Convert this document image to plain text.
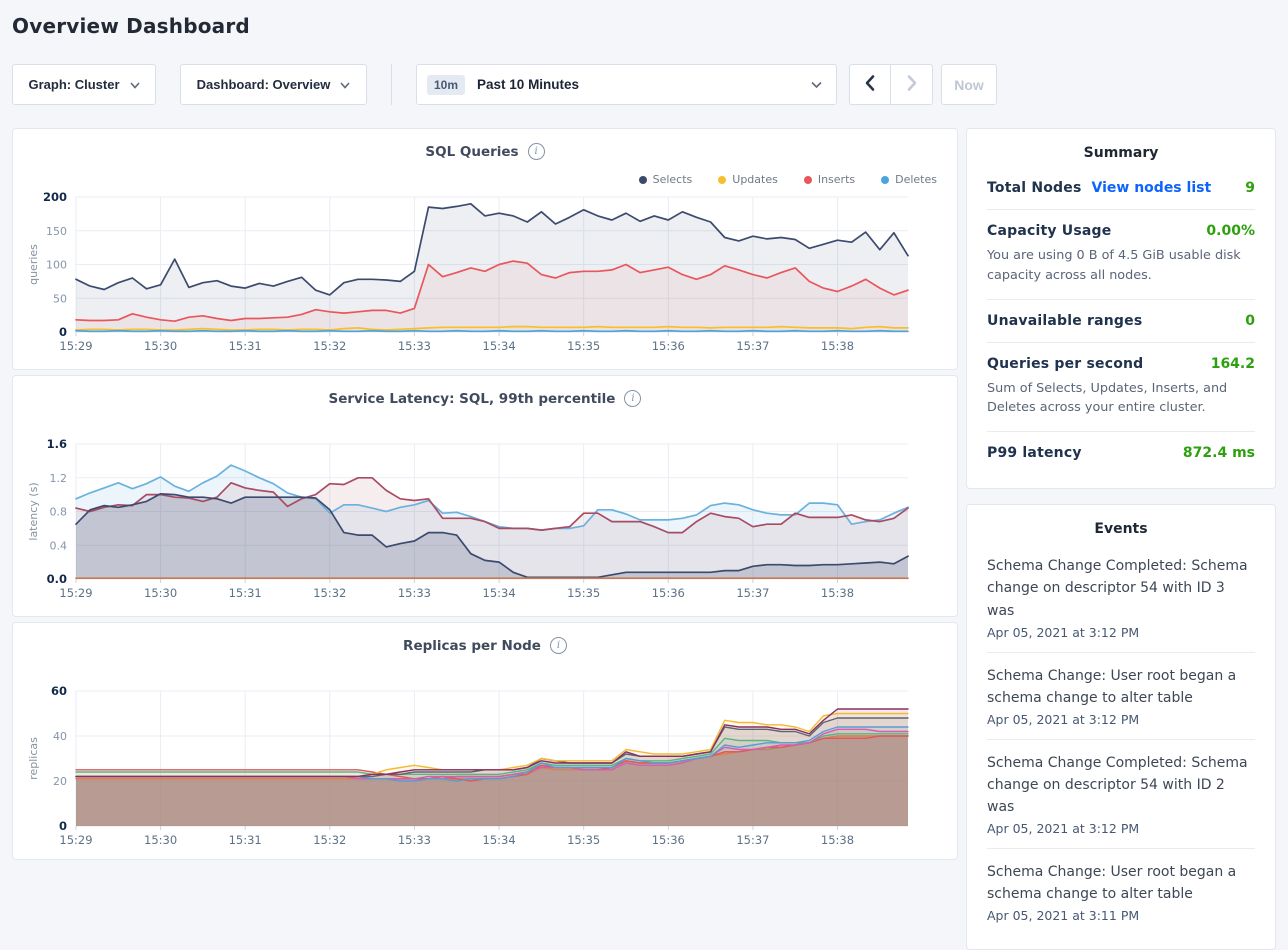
Overview Dashboard
Graph: Cluster	Dashboard: Overview	10m	Past 10 Minutes	Now
SQL Queries	i
Selects	Updates	Inserts	Deletes
0
50
100
150
200
queries
15:29	15:30	15:31	15:32	15:33	15:34	15:35	15:36	15:37	15:38
Service Latency: SQL, 99th percentile	i
0.0
0.4
0.8
1.2
1.6
latency (s)
15:29	15:30	15:31	15:32	15:33	15:34	15:35	15:36	15:37	15:38
Replicas per Node	i
0
20
40
60
replicas
15:29	15:30	15:31	15:32	15:33	15:34	15:35	15:36	15:37	15:38
Summary
Total Nodes View nodes list 9
Capacity Usage	0.00%

You are using 0 B of 4.5 GiB usable disk capacity across all nodes.

Unavailable ranges	0
Queries per second	164.2

Sum of Selects, Updates, Inserts, and Deletes across your entire cluster.

P99 latency	872.4 ms
Events

Schema Change Completed: Schema change on descriptor 54 with ID 3 was

Apr 05, 2021 at 3:12 PM

Schema Change: User root began a schema change to alter table

Apr 05, 2021 at 3:12 PM

Schema Change Completed: Schema change on descriptor 54 with ID 2 was

Apr 05, 2021 at 3:12 PM

Schema Change: User root began a schema change to alter table

Apr 05, 2021 at 3:11 PM
